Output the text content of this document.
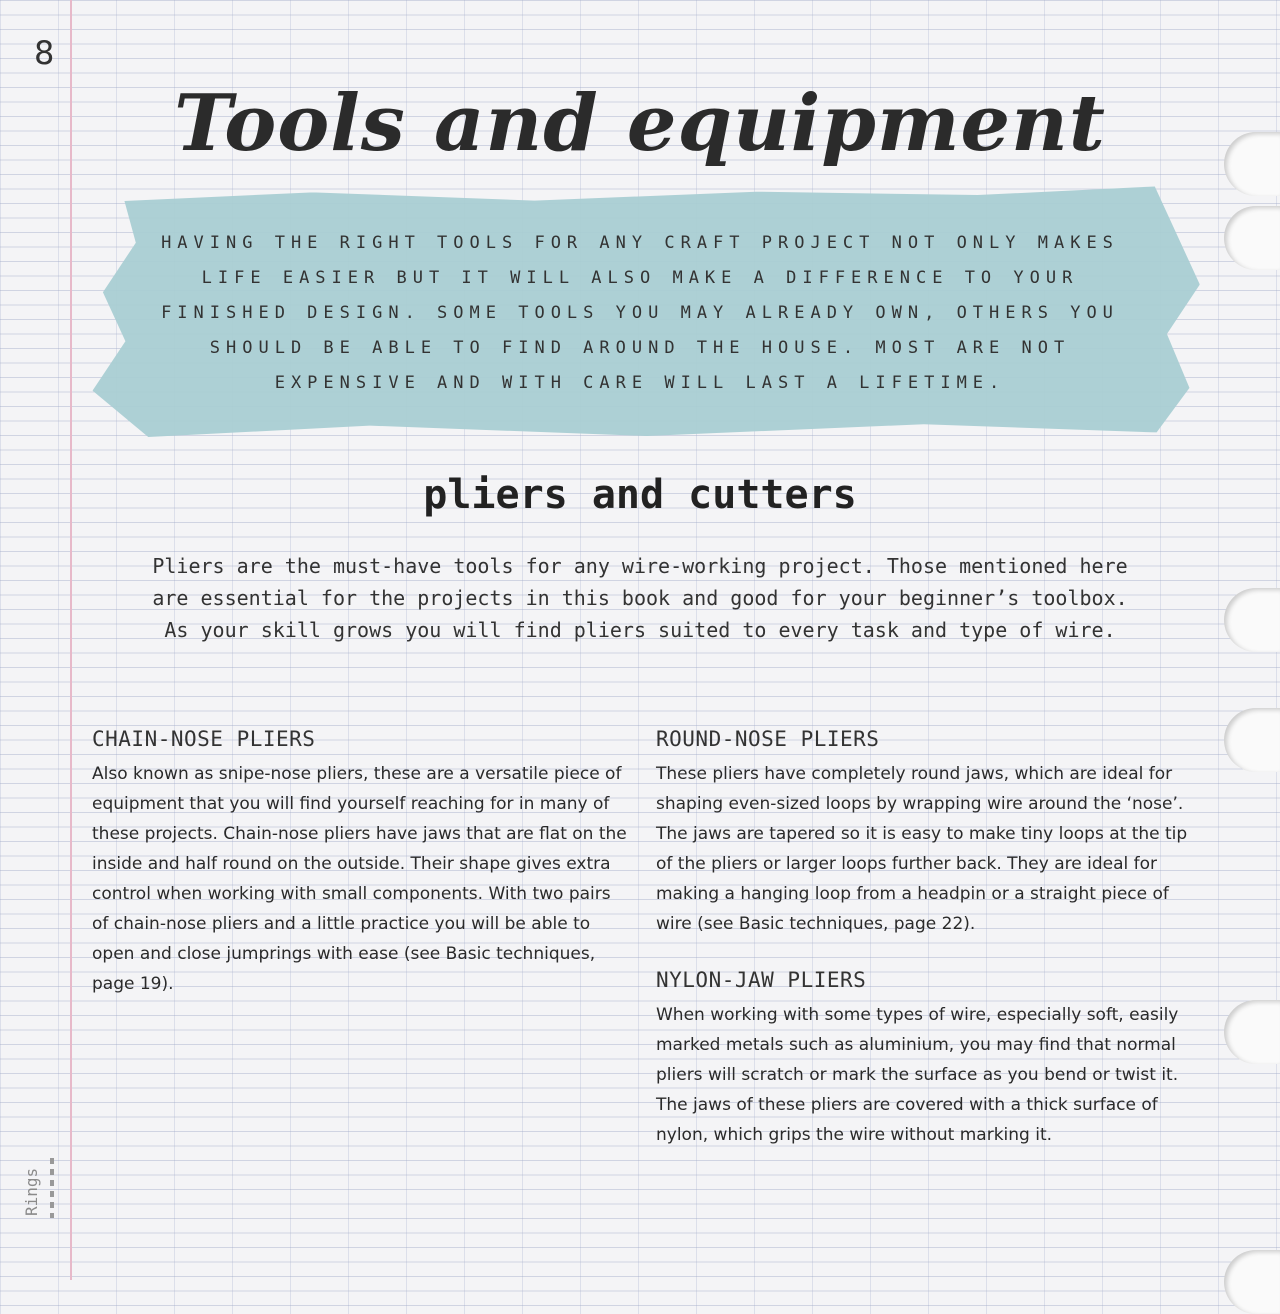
8
Rings
Tools and equipment
HAVING THE RIGHT TOOLS FOR ANY CRAFT PROJECT NOT ONLY MAKES LIFE EASIER BUT IT WILL ALSO MAKE A DIFFERENCE TO YOUR FINISHED DESIGN. SOME TOOLS YOU MAY ALREADY OWN, OTHERS YOU SHOULD BE ABLE TO FIND AROUND THE HOUSE. MOST ARE NOT EXPENSIVE AND WITH CARE WILL LAST A LIFETIME.
pliers and cutters

Pliers are the must-have tools for any wire-working project. Those mentioned here are essential for the projects in this book and good for your beginner’s toolbox. As your skill grows you will find pliers suited to every task and type of wire.

CHAIN-NOSE PLIERS

Also known as snipe-nose pliers, these are a versatile piece of equipment that you will find yourself reaching for in many of these projects. Chain-nose pliers have jaws that are flat on the inside and half round on the outside. Their shape gives extra control when working with small components. With two pairs of chain-nose pliers and a little practice you will be able to open and close jumprings with ease (see Basic techniques, page 19).

ROUND-NOSE PLIERS

These pliers have completely round jaws, which are ideal for shaping even-sized loops by wrapping wire around the ‘nose’. The jaws are tapered so it is easy to make tiny loops at the tip of the pliers or larger loops further back. They are ideal for making a hanging loop from a headpin or a straight piece of wire (see Basic techniques, page 22).

NYLON-JAW PLIERS

When working with some types of wire, especially soft, easily marked metals such as aluminium, you may find that normal pliers will scratch or mark the surface as you bend or twist it. The jaws of these pliers are covered with a thick surface of nylon, which grips the wire without marking it.
